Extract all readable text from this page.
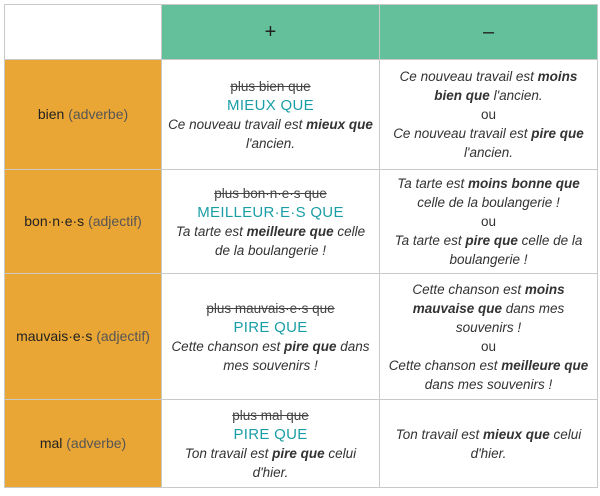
+	–
bien (adverbe)
plus bien que
MIEUX QUE
Ce nouveau travail est mieux que l'ancien.
Ce nouveau travail est moins bien que l'ancien.
ou
Ce nouveau travail est pire que l'ancien.
bon·n·e·s (adjectif)
plus bon·n·e·s que
MEILLEUR·E·S QUE
Ta tarte est meilleure que celle de la boulangerie !
Ta tarte est moins bonne que celle de la boulangerie !
ou
Ta tarte est pire que celle de la boulangerie !
mauvais·e·s (adjectif)
plus mauvais·e·s que
PIRE QUE
Cette chanson est pire que dans mes souvenirs !
Cette chanson est moins mauvaise que dans mes souvenirs !
ou
Cette chanson est meilleure que dans mes souvenirs !
mal (adverbe)
plus mal que
PIRE QUE
Ton travail est pire que celui d'hier.
Ton travail est mieux que celui d'hier.
